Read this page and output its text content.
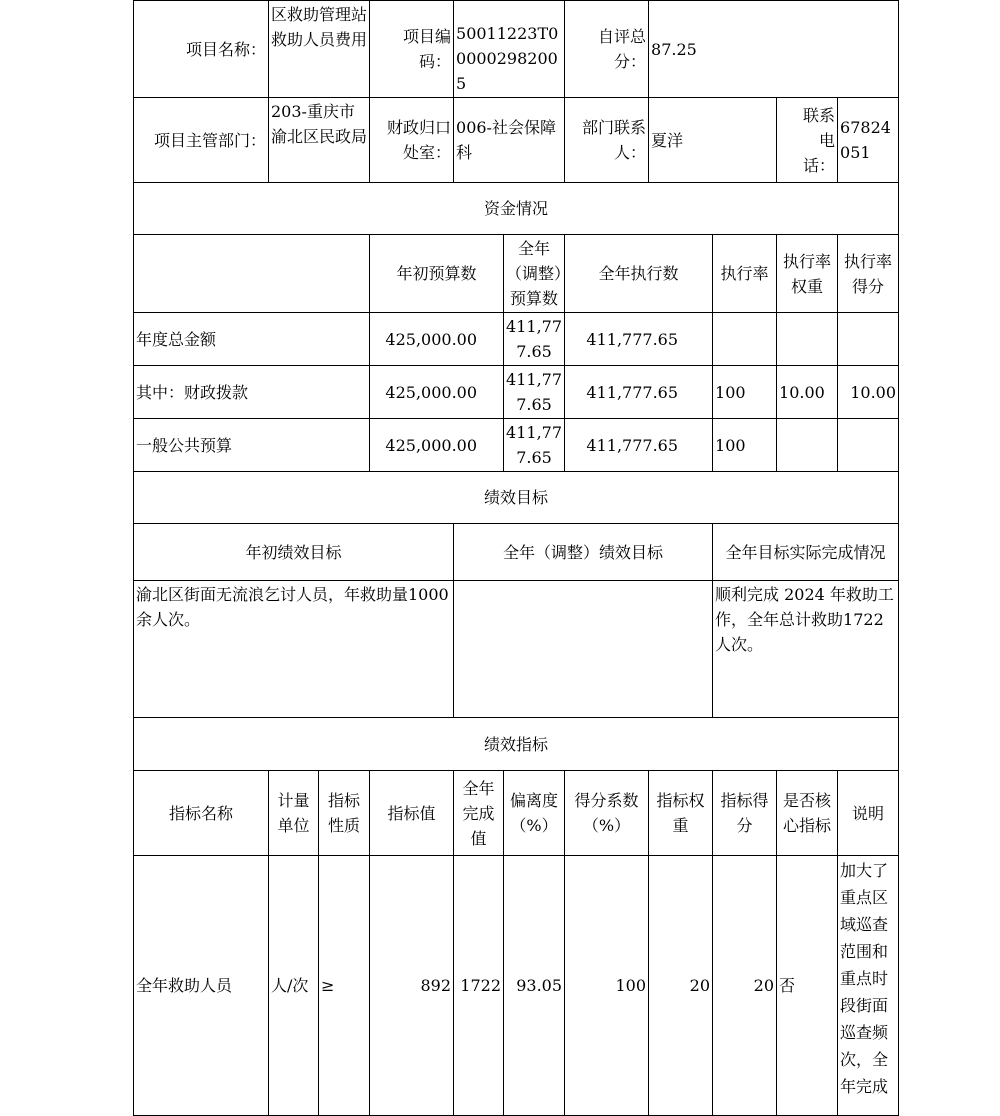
项目名称：	区救助管理站救助人员费用		项目编码：	50011223T000002982005		自评总分：	87.25			
项目主管部门：	203-重庆市渝北区民政局		财政归口处室：	006-社会保障科		部门联系人：	夏洋		联系电话：	67824051
资金情况										
			年初预算数		全年（调整）预算数	全年执行数		执行率	执行率权重	执行率得分
年度总金额			425,000.00		411,777.65	411,777.65				
其中：财政拨款			425,000.00		411,777.65	411,777.65		100	10.00	10.00
一般公共预算			425,000.00		411,777.65	411,777.65		100		
绩效目标										
年初绩效目标				全年（调整）绩效目标				全年目标实际完成情况		
渝北区街面无流浪乞讨人员，年救助量1000 余人次。								顺利完成 2024 年救助工作，全年总计救助1722 人次。		
绩效指标										
指标名称	计量单位	指标性质	指标值	全年完成值	偏离度（%）	得分系数（%）	指标权重	指标得分	是否核心指标	说明
全年救助人员	人/次	≥	892	1722	93.05	100	20	20	否	加大了重点区域巡查范围和重点时段街面巡查频次，全年完成
